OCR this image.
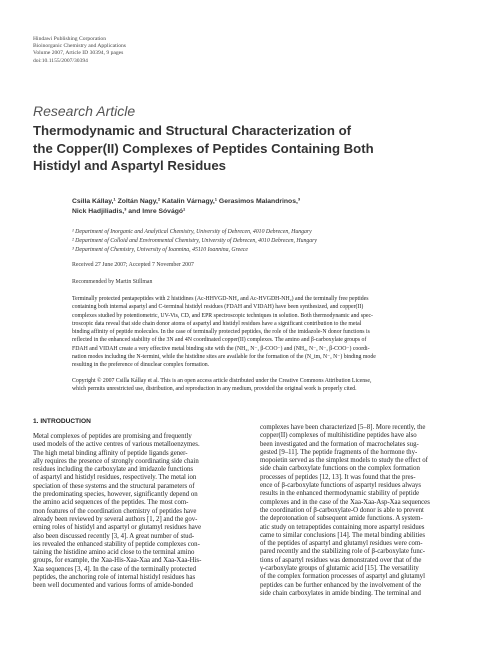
Hindawi Publishing Corporation
Bioinorganic Chemistry and Applications
Volume 2007, Article ID 30394, 9 pages
doi:10.1155/2007/30394
Research Article
Thermodynamic and Structural Characterization of
the Copper(II) Complexes of Peptides Containing Both
Histidyl and Aspartyl Residues
Csilla Kállay,¹ Zoltán Nagy,² Katalin Várnagy,¹ Gerasimos Malandrinos,³
Nick Hadjiliadis,³ and Imre Sóvágó¹
¹ Department of Inorganic and Analytical Chemistry, University of Debrecen, 4010 Debrecen, Hungary
² Department of Colloid and Environmental Chemistry, University of Debrecen, 4010 Debrecen, Hungary
³ Department of Chemistry, University of Ioannina, 45110 Ioannina, Greece
Received 27 June 2007; Accepted 7 November 2007
Recommended by Martin Stillman
Terminally protected pentapeptides with 2 histidines (Ac-HHVGD-NH₂ and Ac-HVGDH-NH₂) and the terminally free peptides
containing both internal aspartyl and C-terminal histidyl residues (FDAH and VIDAH) have been synthesized, and copper(II)
complexes studied by potentiometric, UV-Vis, CD, and EPR spectroscopic techniques in solution. Both thermodynamic and spec-
troscopic data reveal that side chain donor atoms of aspartyl and histidyl residues have a significant contribution to the metal
binding affinity of peptide molecules. In the case of terminally protected peptides, the role of the imidazole-N donor functions is
reflected in the enhanced stability of the 3N and 4N coordinated copper(II) complexes. The amino and β-carboxylate groups of
FDAH and VIDAH create a very effective metal binding site with the (NH₂, N⁻, β-COO⁻) and (NH₂, N⁻, N⁻, β-COO⁻) coordi-
nation modes including the N-termini, while the histidine sites are available for the formation of the (N_im, N⁻, N⁻) binding mode
resulting in the preference of dinuclear complex formation.
Copyright © 2007 Csilla Kállay et al. This is an open access article distributed under the Creative Commons Attribution License,
which permits unrestricted use, distribution, and reproduction in any medium, provided the original work is properly cited.
1. INTRODUCTION
Metal complexes of peptides are promising and frequently
used models of the active centres of various metalloenzymes.
The high metal binding affinity of peptide ligands gener-
ally requires the presence of strongly coordinating side chain
residues including the carboxylate and imidazole functions
of aspartyl and histidyl residues, respectively. The metal ion
speciation of these systems and the structural parameters of
the predominating species, however, significantly depend on
the amino acid sequences of the peptides. The most com-
mon features of the coordination chemistry of peptides have
already been reviewed by several authors [1, 2] and the gov-
erning roles of histidyl and aspartyl or glutamyl residues have
also been discussed recently [3, 4]. A great number of stud-
ies revealed the enhanced stability of peptide complexes con-
taining the histidine amino acid close to the terminal amino
groups, for example, the Xaa-His-Xaa-Xaa and Xaa-Xaa-His-
Xaa sequences [3, 4]. In the case of the terminally protected
peptides, the anchoring role of internal histidyl residues has
been well documented and various forms of amide-bonded
complexes have been characterized [5–8]. More recently, the
copper(II) complexes of multihistidine peptides have also
been investigated and the formation of macrochelates sug-
gested [9–11]. The peptide fragments of the hormone thy-
mopoietin served as the simplest models to study the effect of
side chain carboxylate functions on the complex formation
processes of peptides [12, 13]. It was found that the pres-
ence of β-carboxylate functions of aspartyl residues always
results in the enhanced thermodynamic stability of peptide
complexes and in the case of the Xaa-Xaa-Asp-Xaa sequences
the coordination of β-carboxylate-O donor is able to prevent
the deprotonation of subsequent amide functions. A system-
atic study on tetrapeptides containing more aspartyl residues
came to similar conclusions [14]. The metal binding abilities
of the peptides of aspartyl and glutamyl residues were com-
pared recently and the stabilizing role of β-carboxylate func-
tions of aspartyl residues was demonstrated over that of the
γ-carboxylate groups of glutamic acid [15]. The versatility
of the complex formation processes of aspartyl and glutamyl
peptides can be further enhanced by the involvement of the
side chain carboxylates in amide binding. The terminal and
